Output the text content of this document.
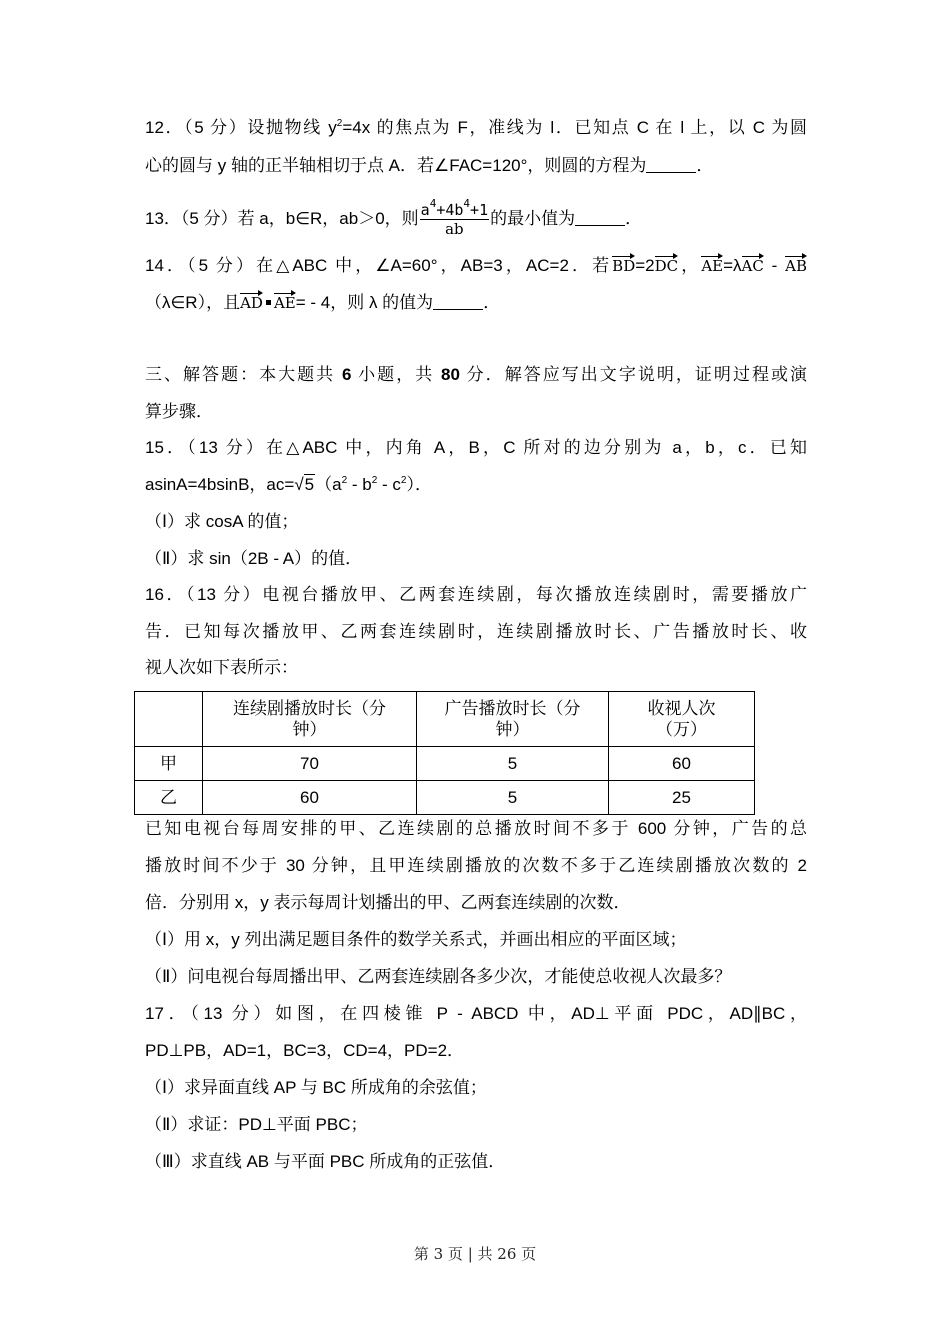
12．（5 分）设抛物线 $y^2=4x$ 的焦点为 F，准线为 l．已知点 C 在 l 上，以 C 为圆
心的圆与 y 轴的正半轴相切于点 A．若∠FAC=120°，则圆的方程为	．
13．（5 分）若 a，b∈R，ab＞0，则 $\frac{a^4+4b^4+1}{ab}$ 的最小值为	．
14．（5 分）在△ABC 中，∠A=60°，AB=3，AC=2．若BD=2DC，AE=λAC - AB
（λ∈R），且AD AE= - 4，则 λ 的值为	．
三、解答题：本大题共 6 小题，共 80 分．解答应写出文字说明，证明过程或演
算步骤．
15．（13 分）在△ABC 中，内角 A，B，C 所对的边分别为 a，b，c．已知
asinA=4bsinB，$ac=√5(a^2 - b^2 - c^2)$．
（Ⅰ）求 cosA 的值；
（Ⅱ）求 sin（2B - A）的值．
16．（13 分）电视台播放甲、乙两套连续剧，每次播放连续剧时，需要播放广
告．已知每次播放甲、乙两套连续剧时，连续剧播放时长、广告播放时长、收
视人次如下表所示：
	连续剧播放时长（分
钟）	广告播放时长（分
钟）	收视人次
（万）
甲	70	5	60
乙	60	5	25
已知电视台每周安排的甲、乙连续剧的总播放时间不多于 600 分钟，广告的总
播放时间不少于 30 分钟，且甲连续剧播放的次数不多于乙连续剧播放次数的 2
倍．分别用 x，y 表示每周计划播出的甲、乙两套连续剧的次数．
（Ⅰ）用 x，y 列出满足题目条件的数学关系式，并画出相应的平面区域；
（Ⅱ）问电视台每周播出甲、乙两套连续剧各多少次，才能使总收视人次最多？
17．（13 分）如图，在四棱锥 P - ABCD 中，AD⊥平面 PDC，AD∥BC，
PD⊥PB，AD=1，BC=3，CD=4，PD=2．
（Ⅰ）求异面直线 AP 与 BC 所成角的余弦值；
（Ⅱ）求证：PD⊥平面 PBC；
（Ⅲ）求直线 AB 与平面 PBC 所成角的正弦值．
第 3 页 | 共 26 页
